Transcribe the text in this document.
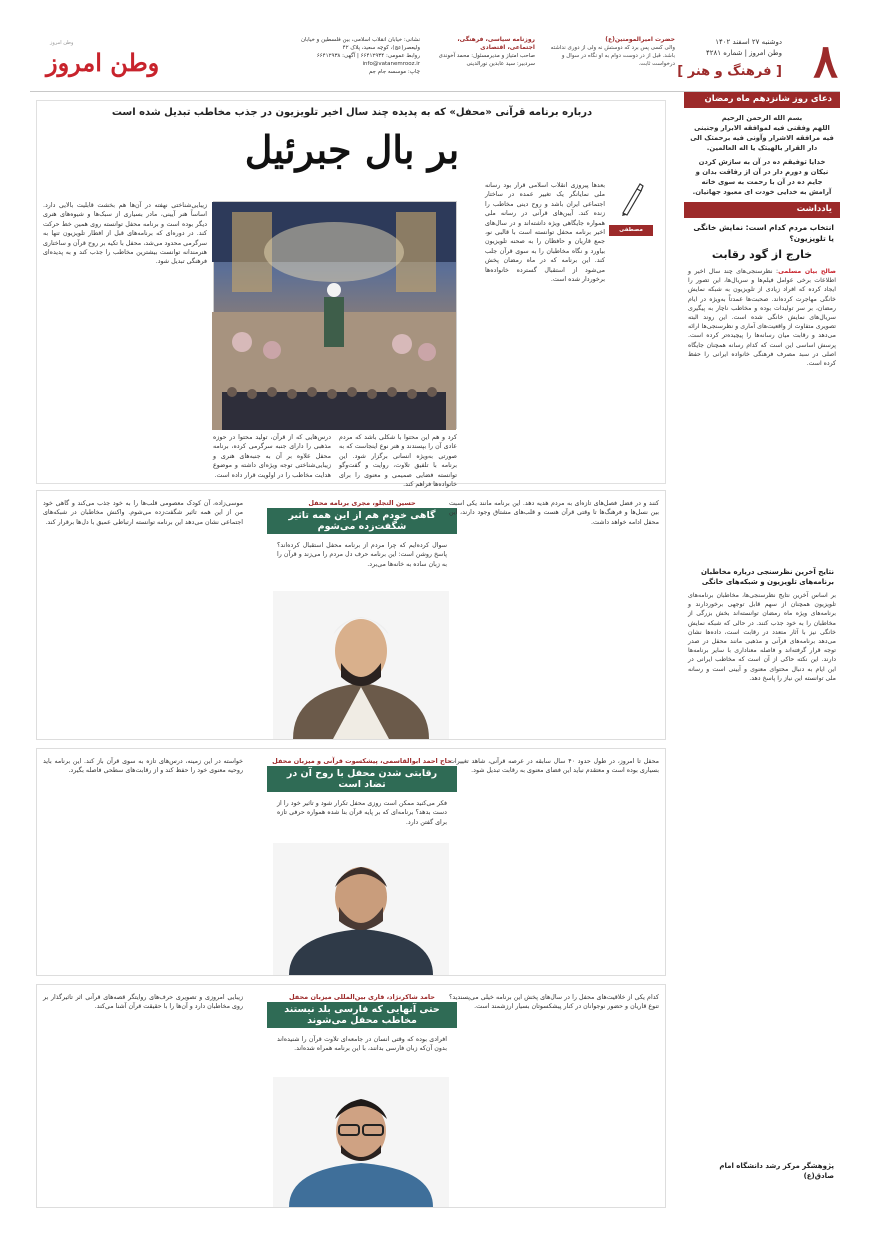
۸
دوشنبه ۲۷ اسفند ۱۴۰۲
وطن امروز | شماره ۴۲۸۱
[ فرهنگ و هنر ]
حضرت امیرالمومنین(ع)
والی کسی پس برد که دوستش نه ولی از دوری نداشته باشد. قبل از در دوست دوام به او نگاه در سوال و درخواست ثابت.
روزنامه سیاسی، فرهنگی، اجتماعی، اقتصادی
صاحب امتیاز و مدیرمسئول: محمد آخوندی
سردبیر: سید عابدین نورالدینی
نشانی: خیابان انقلاب اسلامی، بین فلسطین و خیابان ولیعصر(عج)، کوچه سعید، پلاک ۴۲
روابط عمومی: ۶۶۴۱۲۹۳۴ | آگهی: ۶۶۴۱۲۹۳۸
info@vatanemrooz.ir
چاپ: موسسه جام جم
وطن امروز
وطن امروز
دعای روز شانزدهم ماه رمضان
بسم الله الرحمن الرحیم
اللهم وفقنی فیه لموافقه الابرار وجنبنی فیه مرافقه الاشرار وآونی فیه برحمتک الی دار القرار بالهیتک یا اله العالمین.
خدایا توفیقم ده در آن به سازش کردن نیکان و دورم دار در آن از رفاقت بدان و جایم ده در آن با رحمت به سوی خانه آرامش به خدایی خودت ای معبود جهانیان.
یادداشت
انتخاب مردم کدام است: نمایش خانگی یا تلویزیون؟
خارج از گود رقابت
صالح بیان مسلمی: نظرسنجی‌های چند سال اخیر و اطلاعات برخی عوامل فیلم‌ها و سریال‌ها، این تصور را ایجاد کرده که افراد زیادی از تلویزیون به شبکه نمایش خانگی مهاجرت کرده‌اند. صحبت‌ها عمدتاً به‌ویژه در ایام رمضان، بر سر تولیدات بوده و مخاطب ناچار به پیگیری سریال‌های نمایش خانگی شده است. این روند البته تصویری متفاوت از واقعیت‌های آماری و نظرسنجی‌ها ارائه می‌دهد و رقابت میان رسانه‌ها را پیچیده‌تر کرده است. پرسش اساسی این است که کدام رسانه همچنان جایگاه اصلی در سبد مصرف فرهنگی خانواده ایرانی را حفظ کرده است.
نتایج آخرین نظرسنجی درباره مخاطبان برنامه‌های تلویزیون و شبکه‌های خانگی
بر اساس آخرین نتایج نظرسنجی‌ها، مخاطبان برنامه‌های تلویزیون همچنان از سهم قابل توجهی برخوردارند و برنامه‌های ویژه ماه رمضان توانسته‌اند بخش بزرگی از مخاطبان را به خود جذب کنند. در حالی که شبکه نمایش خانگی نیز با آثار متعدد در رقابت است، داده‌ها نشان می‌دهد برنامه‌های قرآنی و مذهبی مانند محفل در صدر توجه قرار گرفته‌اند و فاصله معناداری با سایر برنامه‌ها دارند. این نکته حاکی از آن است که مخاطب ایرانی در این ایام به دنبال محتوای معنوی و آیینی است و رسانه ملی توانسته این نیاز را پاسخ دهد.
پژوهشگر مرکز رشد دانشگاه امام صادق(ع)
درباره برنامه قرآنی «محفل» که به پدیده چند سال اخیر تلویزیون در جذب مخاطب تبدیل شده است
بر بال جبرئیل
مصطفی قاسمیان
بعدها پیروزی انقلاب اسلامی قرار بود رسانه ملی نمایانگر یک تغییر عمده در ساختار اجتماعی ایران باشد و روح دینی مخاطب را زنده کند. آیین‌های قرآنی در رسانه ملی همواره جایگاهی ویژه داشته‌اند و در سال‌های اخیر برنامه محفل توانسته است با قالبی نو، جمع قاریان و حافظان را به صحنه تلویزیون بیاورد و نگاه مخاطبان را به سوی قرآن جلب کند. این برنامه که در ماه رمضان پخش می‌شود از استقبال گسترده خانواده‌ها برخوردار شده است.
زیبایی‌شناختی نهفته در آن‌ها هم بخشت قابلیت بالایی دارد. اساساً هنر آیینی، مادر بسیاری از سبک‌ها و شیوه‌های هنری دیگر بوده است و برنامه محفل توانسته روی همین خط حرکت کند. در دوره‌ای که برنامه‌های قبل از افطار تلویزیون تنها به سرگرمی محدود می‌شد، محفل با تکیه بر روح قرآن و ساختاری هنرمندانه توانست بیشترین مخاطب را جذب کند و به پدیده‌ای فرهنگی تبدیل شود.
درس‌هایی که از قرآن، تولید محتوا در حوزه مذهبی را دارای جنبه سرگرمی کرده، برنامه محفل علاوه بر آن به جنبه‌های هنری و زیبایی‌شناختی توجه ویژه‌ای داشته و موضوع هدایت مخاطب را در اولویت قرار داده است.
کرد و هم این محتوا با شکلی باشد که مردم عادی آن را بپسندند و هنر نوع اینجاست که به صورتی به‌ویژه انسانی برگزار شود. این برنامه با تلفیق تلاوت، روایت و گفت‌وگو توانسته فضایی صمیمی و معنوی را برای خانواده‌ها فراهم کند.
حسین التجلو، مجری برنامه محفل
گاهی خودم هم از این همه تاثیر شگفت‌زده می‌شوم
کنند و در فضل فصل‌های تازه‌ای به مردم هدیه دهد. این برنامه مانند یکی اسبت بین نسل‌ها و فرهنگ‌ها تا وقتی قرآن هست و قلب‌های مشتاق وجود دارند، این محفل ادامه خواهد داشت.
موسی‌زاده، آن کودک معصومی قلب‌ها را به خود جذب می‌کند و گاهی خود من از این همه تاثیر شگفت‌زده می‌شوم. واکنش مخاطبان در شبکه‌های اجتماعی نشان می‌دهد این برنامه توانسته ارتباطی عمیق با دل‌ها برقرار کند.
سوال کرده‌ایم که چرا مردم از برنامه محفل استقبال کرده‌اند؟ پاسخ روشن است: این برنامه حرف دل مردم را می‌زند و قرآن را به زبان ساده به خانه‌ها می‌برد.
حاج احمد ابوالقاسمی، پیشکسوت قرآنی و میزبان محفل
رقابتی شدن محفل با روح آن در تضاد است
محفل تا امروز، در طول حدود ۴۰ سال سابقه در عرصه قرآنی، شاهد تغییرات بسیاری بوده است و معتقدم نباید این فضای معنوی به رقابت تبدیل شود.
خواسته در این زمینه، درس‌های تازه به سوی قرآن باز کند. این برنامه باید روحیه معنوی خود را حفظ کند و از رقابت‌های سطحی فاصله بگیرد.
فکر می‌کنید ممکن است روزی محفل تکرار شود و تاثیر خود را از دست بدهد؟ برنامه‌ای که بر پایه قرآن بنا شده همواره حرفی تازه برای گفتن دارد.
حامد شاکرنژاد، قاری بین‌المللی میزبان محفل
حتی آنهایی که فارسی بلد نیستند مخاطب محفل می‌شوند
کدام یکی از خلاقیت‌های محفل را در سال‌های پخش این برنامه خیلی می‌پسندید؟ تنوع قاریان و حضور نوجوانان در کنار پیشکسوتان بسیار ارزشمند است.
زیبایی امروزی و تصویری حرف‌های روایتگر قصه‌های قرآنی اثر تاثیرگذار بر روی مخاطبان دارد و آن‌ها را با حقیقت قرآن آشنا می‌کند.
افرادی بوده که وقتی انسان در جامعه‌ای تلاوت قرآن را شنیده‌اند بدون آن‌که زبان فارسی بدانند، با این برنامه همراه شده‌اند.
